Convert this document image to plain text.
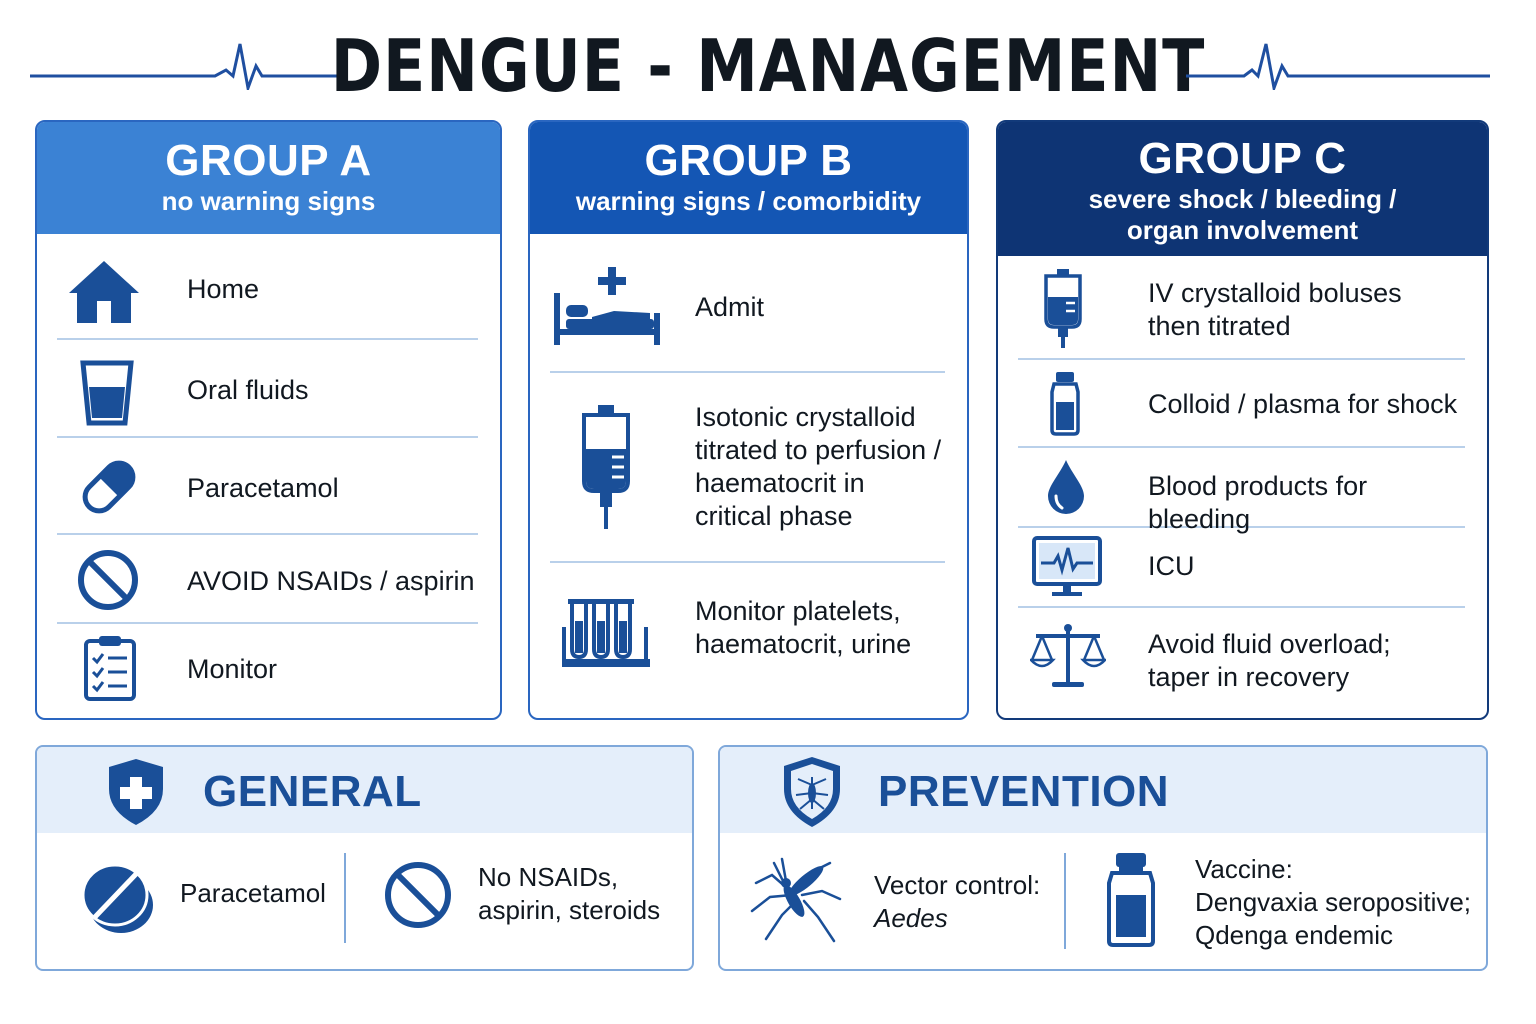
DENGUE - MANAGEMENT
GROUP A
no warning signs
Home
Oral fluids
Paracetamol
AVOID NSAIDs / aspirin
Monitor
GROUP B
warning signs / comorbidity
Admit
Isotonic crystalloid
titrated to perfusion /
haematocrit in
critical phase
Monitor platelets,
haematocrit, urine
GROUP C
severe shock / bleeding /
organ involvement
IV crystalloid boluses
then titrated
Colloid / plasma for shock
Blood products for bleeding
ICU
Avoid fluid overload;
taper in recovery
GENERAL
Paracetamol
No NSAIDs,
aspirin, steroids
PREVENTION
Vector control:
Aedes
Vaccine:
Dengvaxia seropositive;
Qdenga endemic
